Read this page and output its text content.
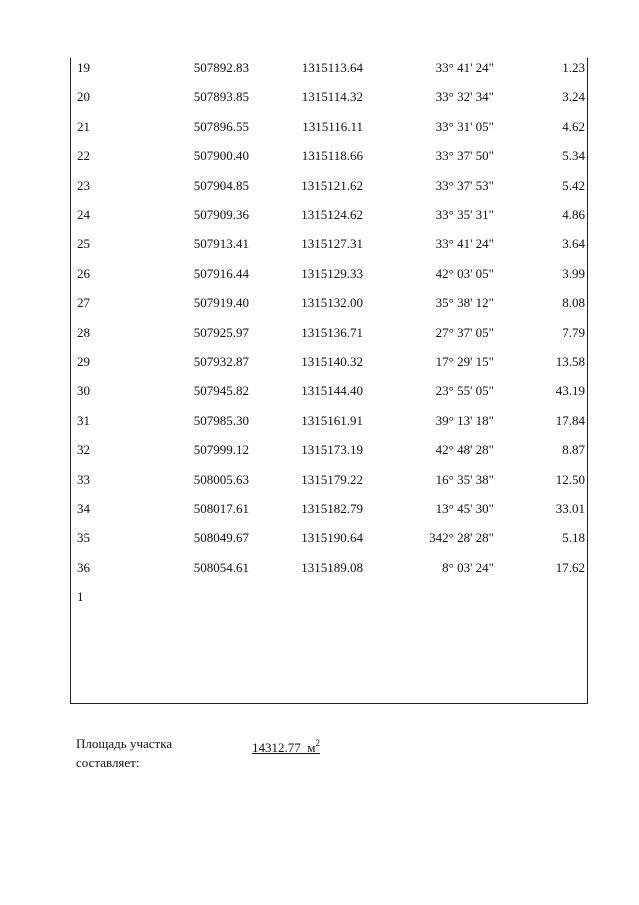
19	507892.83	1315113.64	33° 41' 24"	1.23
20	507893.85	1315114.32	33° 32' 34"	3.24
21	507896.55	1315116.11	33° 31' 05"	4.62
22	507900.40	1315118.66	33° 37' 50"	5.34
23	507904.85	1315121.62	33° 37' 53"	5.42
24	507909.36	1315124.62	33° 35' 31"	4.86
25	507913.41	1315127.31	33° 41' 24"	3.64
26	507916.44	1315129.33	42° 03' 05"	3.99
27	507919.40	1315132.00	35° 38' 12"	8.08
28	507925.97	1315136.71	27° 37' 05"	7.79
29	507932.87	1315140.32	17° 29' 15"	13.58
30	507945.82	1315144.40	23° 55' 05"	43.19
31	507985.30	1315161.91	39° 13' 18"	17.84
32	507999.12	1315173.19	42° 48' 28"	8.87
33	508005.63	1315179.22	16° 35' 38"	12.50
34	508017.61	1315182.79	13° 45' 30"	33.01
35	508049.67	1315190.64	342° 28' 28"	5.18
36	508054.61	1315189.08	8° 03' 24"	17.62
1
Площадь участка
составляет:
14312.77 $м^2$
